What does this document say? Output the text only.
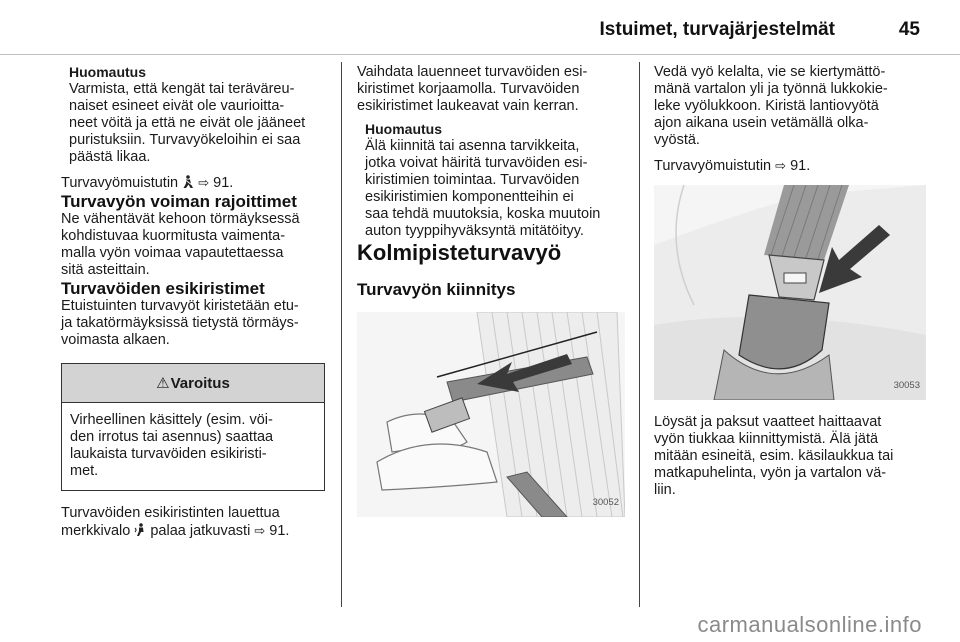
Istuimet, turvajärjestelmät	45

Huomautus

Varmista, että kengät tai teräväreu-

naiset esineet eivät ole vaurioitta-

neet vöitä ja että ne eivät ole jääneet

puristuksiin. Turvavyökeloihin ei saa

päästä likaa.

Turvavyömuistutin ⇨ 91.

Turvavyön voiman rajoittimet

Ne vähentävät kehoon törmäyksessä

kohdistuvaa kuormitusta vaimenta-

malla vyön voimaa vapautettaessa

sitä asteittain.

Turvavöiden esikiristimet

Etuistuinten turvavyöt kiristetään etu-

ja takatörmäyksissä tietystä törmäys-

voimasta alkaen.

⚠ Varoitus

Virheellinen käsittely (esim. vöi-

den irrotus tai asennus) saattaa

laukaista turvavöiden esikiristi-

met.

Turvavöiden esikiristinten lauettua

merkkivalo palaa jatkuvasti ⇨ 91.

Vaihdata lauenneet turvavöiden esi-

kiristimet korjaamolla. Turvavöiden

esikiristimet laukeavat vain kerran.

Huomautus

Älä kiinnitä tai asenna tarvikkeita,

jotka voivat häiritä turvavöiden esi-

kiristimien toimintaa. Turvavöiden

esikiristimien komponentteihin ei

saa tehdä muutoksia, koska muutoin

auton tyyppihyväksyntä mitätöityy.

Kolmipisteturvavyö
Turvavyön kiinnitys
30052

Vedä vyö kelalta, vie se kiertymättö-

mänä vartalon yli ja työnnä lukkokie-

leke vyölukkoon. Kiristä lantiovyötä

ajon aikana usein vetämällä olka-

vyöstä.

Turvavyömuistutin ⇨ 91.

30053

Löysät ja paksut vaatteet haittaavat

vyön tiukkaa kiinnittymistä. Älä jätä

mitään esineitä, esim. käsilaukkua tai

matkapuhelinta, vyön ja vartalon vä-

liin.

carmanualsonline.info
